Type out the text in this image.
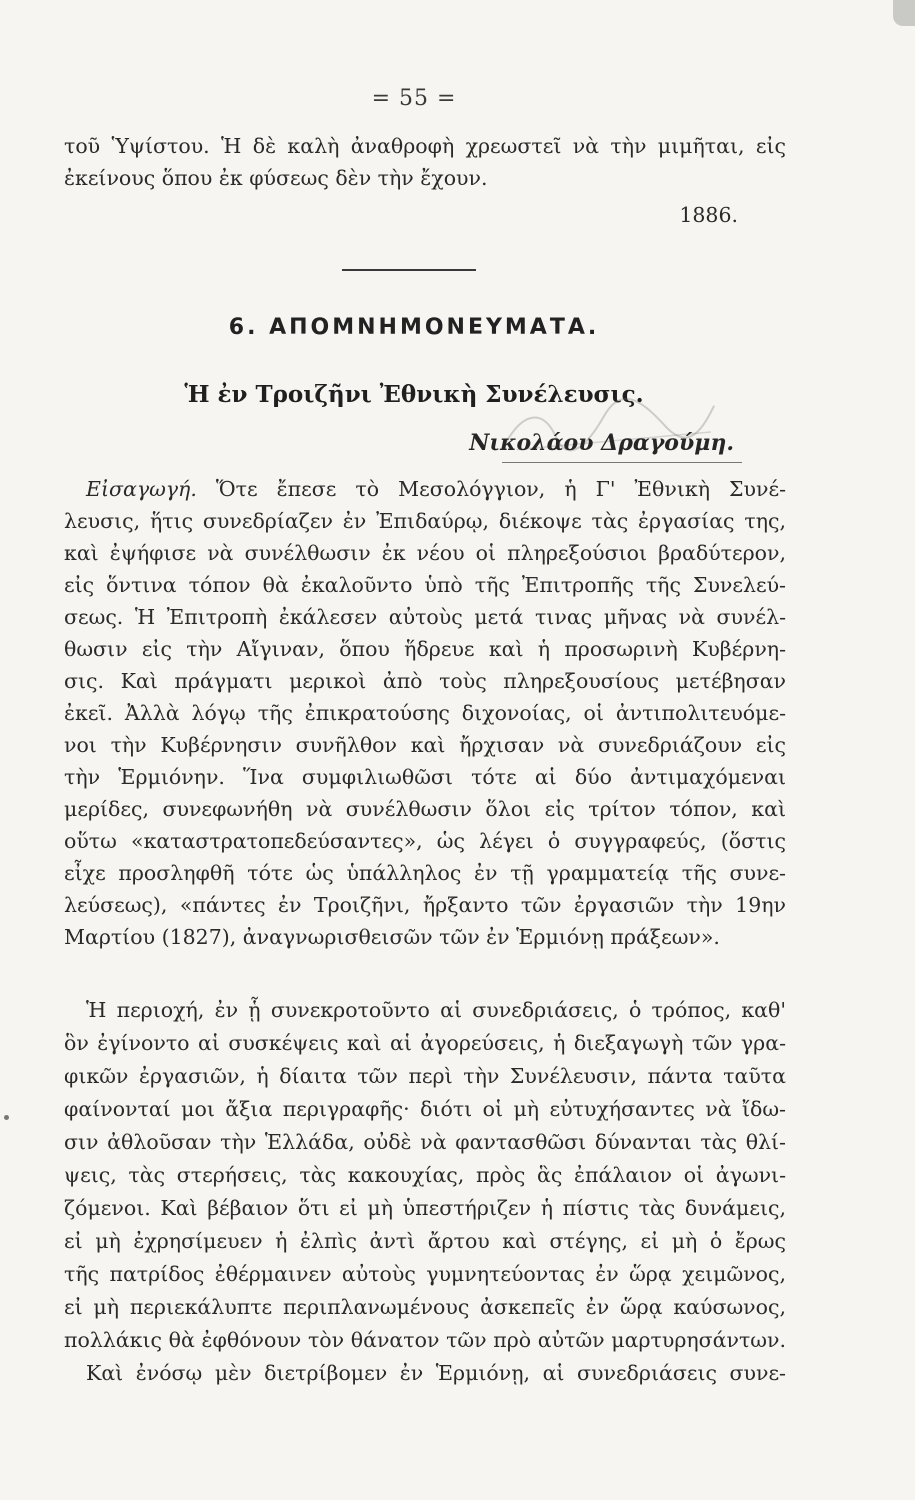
= 55 =
τοῦ Ὑψίστου. Ἡ δὲ καλὴ ἀναθροφὴ χρεωστεῖ νὰ τὴν μιμῆται, εἰς
ἐκείνους ὅπου ἐκ φύσεως δὲν τὴν ἔχουν.
1886.
6. ΑΠΟΜΝΗΜΟΝΕΥΜΑΤΑ.
Ἡ ἐν Τροιζῆνι Ἐθνικὴ Συνέλευσις.
Νικολάου Δραγούμη.
Εἰσαγωγή. Ὅτε ἔπεσε τὸ Μεσολόγγιον, ἡ Γ' Ἐθνικὴ Συνέ-
λευσις, ἥτις συνεδρίαζεν ἐν Ἐπιδαύρῳ, διέκοψε τὰς ἐργασίας της,
καὶ ἐψήφισε νὰ συνέλθωσιν ἐκ νέου οἱ πληρεξούσιοι βραδύτερον,
εἰς ὅντινα τόπον θὰ ἐκαλοῦντο ὑπὸ τῆς Ἐπιτροπῆς τῆς Συνελεύ-
σεως. Ἡ Ἐπιτροπὴ ἐκάλεσεν αὐτοὺς μετά τινας μῆνας νὰ συνέλ-
θωσιν εἰς τὴν Αἴγιναν, ὅπου ἥδρευε καὶ ἡ προσωρινὴ Κυβέρνη-
σις. Καὶ πράγματι μερικοὶ ἀπὸ τοὺς πληρεξουσίους μετέβησαν
ἐκεῖ. Ἀλλὰ λόγῳ τῆς ἐπικρατούσης διχονοίας, οἱ ἀντιπολιτευόμε-
νοι τὴν Κυβέρνησιν συνῆλθον καὶ ἤρχισαν νὰ συνεδριάζουν εἰς
τὴν Ἑρμιόνην. Ἵνα συμφιλιωθῶσι τότε αἱ δύο ἀντιμαχόμεναι
μερίδες, συνεφωνήθη νὰ συνέλθωσιν ὅλοι εἰς τρίτον τόπον, καὶ
οὕτω «καταστρατοπεδεύσαντες», ὡς λέγει ὁ συγγραφεύς, (ὅστις
εἶχε προσληφθῆ τότε ὡς ὑπάλληλος ἐν τῇ γραμματείᾳ τῆς συνε-
λεύσεως), «πάντες ἐν Τροιζῆνι, ἤρξαντο τῶν ἐργασιῶν τὴν 19ην
Μαρτίου (1827), ἀναγνωρισθεισῶν τῶν ἐν Ἑρμιόνῃ πράξεων».
Ἡ περιοχή, ἐν ᾗ συνεκροτοῦντο αἱ συνεδριάσεις, ὁ τρόπος, καθ'
ὃν ἐγίνοντο αἱ συσκέψεις καὶ αἱ ἀγορεύσεις, ἡ διεξαγωγὴ τῶν γρα-
φικῶν ἐργασιῶν, ἡ δίαιτα τῶν περὶ τὴν Συνέλευσιν, πάντα ταῦτα
φαίνονταί μοι ἄξια περιγραφῆς· διότι οἱ μὴ εὐτυχήσαντες νὰ ἴδω-
σιν ἀθλοῦσαν τὴν Ἑλλάδα, οὐδὲ νὰ φαντασθῶσι δύνανται τὰς θλί-
ψεις, τὰς στερήσεις, τὰς κακουχίας, πρὸς ἃς ἐπάλαιον οἱ ἀγωνι-
ζόμενοι. Καὶ βέβαιον ὅτι εἰ μὴ ὑπεστήριζεν ἡ πίστις τὰς δυνάμεις,
εἰ μὴ ἐχρησίμευεν ἡ ἐλπὶς ἀντὶ ἄρτου καὶ στέγης, εἰ μὴ ὁ ἔρως
τῆς πατρίδος ἐθέρμαινεν αὐτοὺς γυμνητεύοντας ἐν ὥρᾳ χειμῶνος,
εἰ μὴ περιεκάλυπτε περιπλανωμένους ἀσκεπεῖς ἐν ὥρᾳ καύσωνος,
πολλάκις θὰ ἐφθόνουν τὸν θάνατον τῶν πρὸ αὐτῶν μαρτυρησάντων.
Καὶ ἐνόσῳ μὲν διετρίβομεν ἐν Ἑρμιόνῃ, αἱ συνεδριάσεις συνε-
